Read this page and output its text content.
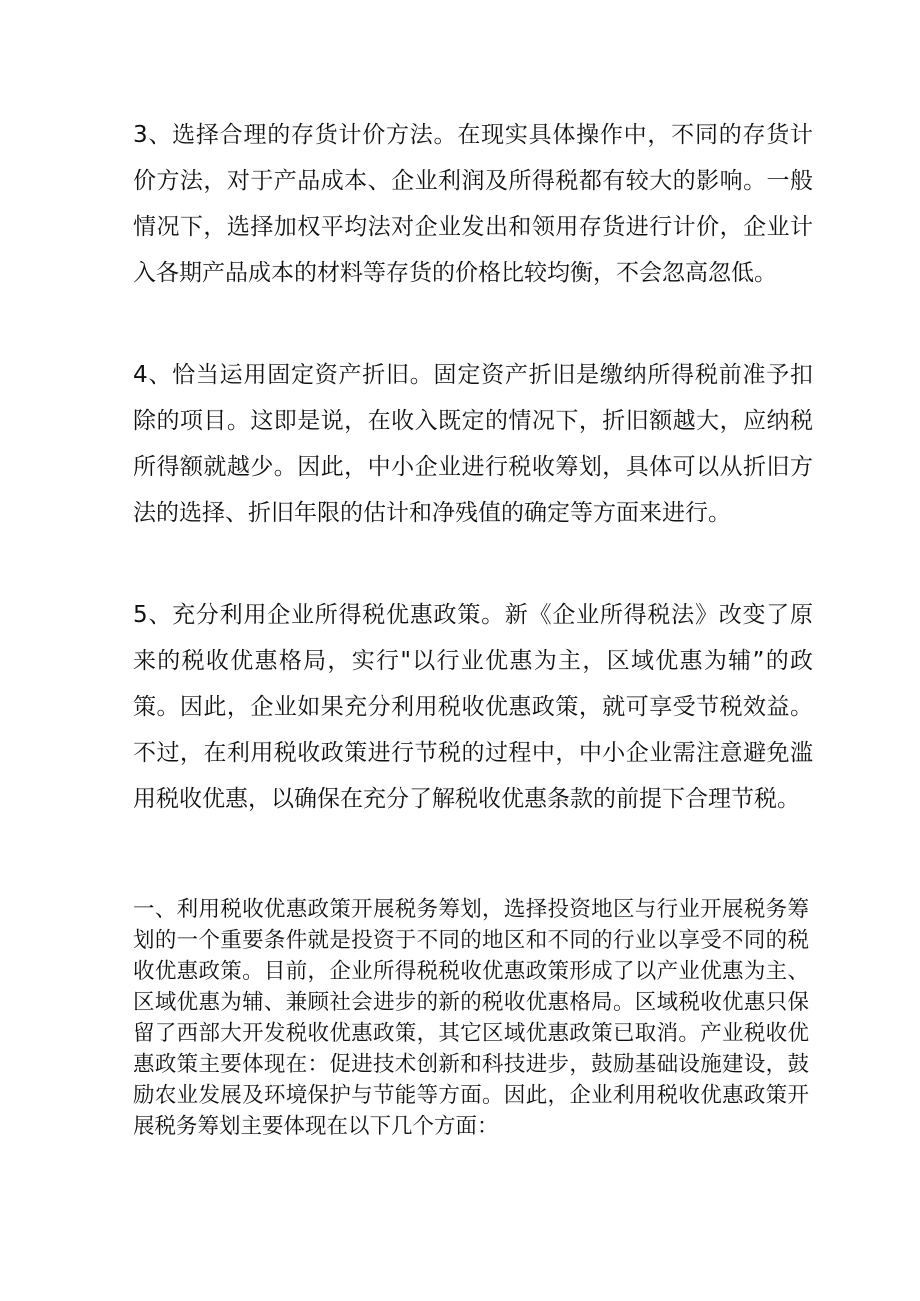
3、选择合理的存货计价方法。在现实具体操作中，不同的存货计价方法，对于产品成本、企业利润及所得税都有较大的影响。一般情况下，选择加权平均法对企业发出和领用存货进行计价，企业计入各期产品成本的材料等存货的价格比较均衡，不会忽高忽低。

4、恰当运用固定资产折旧。固定资产折旧是缴纳所得税前准予扣除的项目。这即是说，在收入既定的情况下，折旧额越大，应纳税所得额就越少。因此，中小企业进行税收筹划，具体可以从折旧方法的选择、折旧年限的估计和净残值的确定等方面来进行。

5、充分利用企业所得税优惠政策。新《企业所得税法》改变了原来的税收优惠格局，实行"以行业优惠为主，区域优惠为辅”的政策。因此，企业如果充分利用税收优惠政策，就可享受节税效益。不过，在利用税收政策进行节税的过程中，中小企业需注意避免滥用税收优惠，以确保在充分了解税收优惠条款的前提下合理节税。

一、利用税收优惠政策开展税务筹划，选择投资地区与行业开展税务筹划的一个重要条件就是投资于不同的地区和不同的行业以享受不同的税收优惠政策。目前，企业所得税税收优惠政策形成了以产业优惠为主、区域优惠为辅、兼顾社会进步的新的税收优惠格局。区域税收优惠只保留了西部大开发税收优惠政策，其它区域优惠政策已取消。产业税收优惠政策主要体现在：促进技术创新和科技进步，鼓励基础设施建设，鼓励农业发展及环境保护与节能等方面。因此，企业利用税收优惠政策开展税务筹划主要体现在以下几个方面：
